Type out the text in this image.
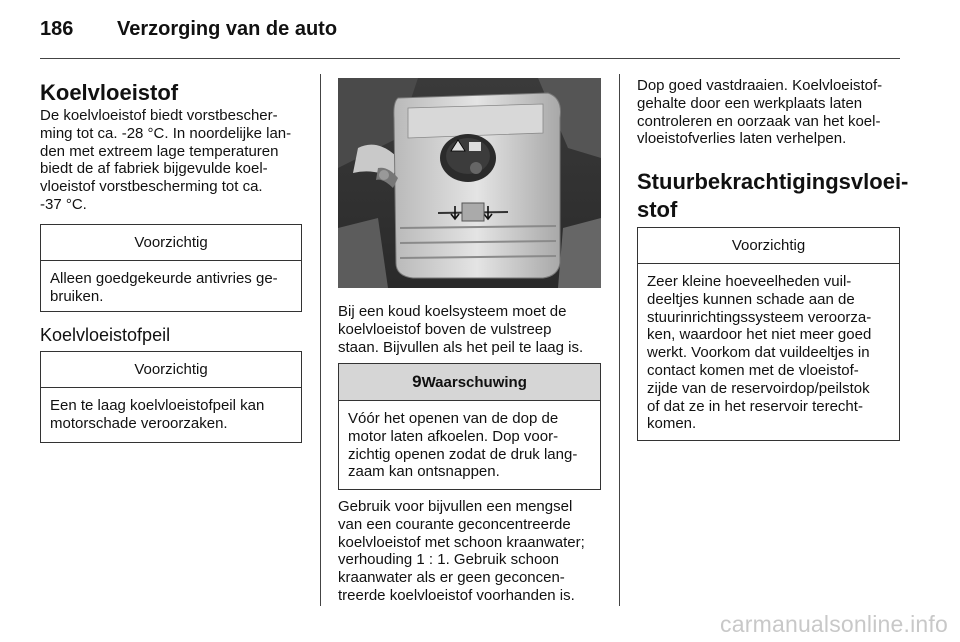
186 Verzorging van de auto
Koelvloeistof

De koelvloeistof biedt vorstbescher-
ming tot ca. -28 °C. In noordelijke lan-
den met extreem lage temperaturen
biedt de af fabriek bijgevulde koel-
vloeistof vorstbescherming tot ca.
-37 °C.

Voorzichtig
Alleen goedgekeurde antivries ge-
bruiken.
Koelvloeistofpeil
Voorzichtig
Een te laag koelvloeistofpeil kan
motorschade veroorzaken.

Bij een koud koelsysteem moet de
koelvloeistof boven de vulstreep
staan. Bijvullen als het peil te laag is.

9Waarschuwing
Vóór het openen van de dop de
motor laten afkoelen. Dop voor-
zichtig openen zodat de druk lang-
zaam kan ontsnappen.

Gebruik voor bijvullen een mengsel
van een courante geconcentreerde
koelvloeistof met schoon kraanwater;
verhouding 1 : 1. Gebruik schoon
kraanwater als er geen geconcen-
treerde koelvloeistof voorhanden is.

Dop goed vastdraaien. Koelvloeistof-
gehalte door een werkplaats laten
controleren en oorzaak van het koel-
vloeistofverlies laten verhelpen.

Stuurbekrachtigingsvloei-
stof
Voorzichtig
Zeer kleine hoeveelheden vuil-
deeltjes kunnen schade aan de
stuurinrichtingssysteem veroorza-
ken, waardoor het niet meer goed
werkt. Voorkom dat vuildeeltjes in
contact komen met de vloeistof-
zijde van de reservoirdop/peilstok
of dat ze in het reservoir terecht-
komen.
carmanualsonline.info
